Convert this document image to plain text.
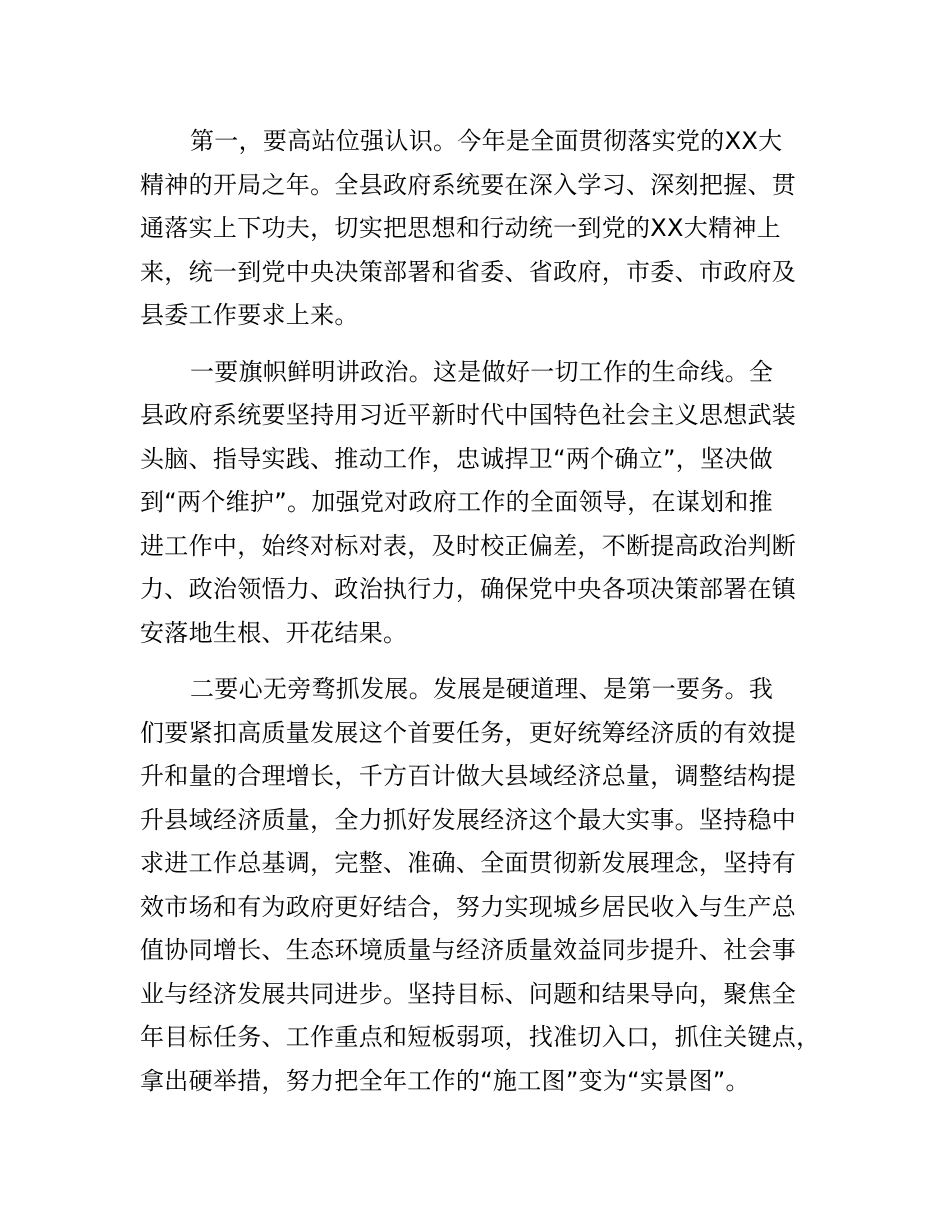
第一，要高站位强认识。今年是全面贯彻落实党的XX大
精神的开局之年。全县政府系统要在深入学习、深刻把握、贯
通落实上下功夫，切实把思想和行动统一到党的XX大精神上
来，统一到党中央决策部署和省委、省政府，市委、市政府及
县委工作要求上来。

一要旗帜鲜明讲政治。这是做好一切工作的生命线。全
县政府系统要坚持用习近平新时代中国特色社会主义思想武装
头脑、指导实践、推动工作，忠诚捍卫“两个确立”，坚决做
到“两个维护”。加强党对政府工作的全面领导，在谋划和推
进工作中，始终对标对表，及时校正偏差，不断提高政治判断
力、政治领悟力、政治执行力，确保党中央各项决策部署在镇
安落地生根、开花结果。

二要心无旁骛抓发展。发展是硬道理、是第一要务。我
们要紧扣高质量发展这个首要任务，更好统筹经济质的有效提
升和量的合理增长，千方百计做大县域经济总量，调整结构提
升县域经济质量，全力抓好发展经济这个最大实事。坚持稳中
求进工作总基调，完整、准确、全面贯彻新发展理念，坚持有
效市场和有为政府更好结合，努力实现城乡居民收入与生产总
值协同增长、生态环境质量与经济质量效益同步提升、社会事
业与经济发展共同进步。坚持目标、问题和结果导向，聚焦全
年目标任务、工作重点和短板弱项，找准切入口，抓住关键点，
拿出硬举措，努力把全年工作的“施工图”变为“实景图”。
